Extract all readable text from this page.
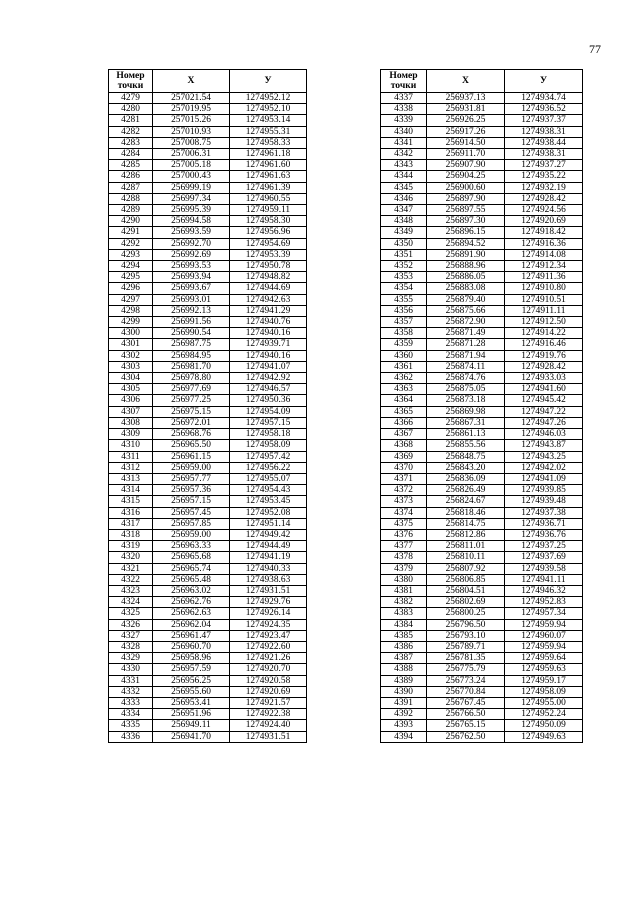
77
Номер точки	X	У
4279	257021.54	1274952.12
4280	257019.95	1274952.10
4281	257015.26	1274953.14
4282	257010.93	1274955.31
4283	257008.75	1274958.33
4284	257006.31	1274961.18
4285	257005.18	1274961.60
4286	257000.43	1274961.63
4287	256999.19	1274961.39
4288	256997.34	1274960.55
4289	256995.39	1274959.11
4290	256994.58	1274958.30
4291	256993.59	1274956.96
4292	256992.70	1274954.69
4293	256992.69	1274953.39
4294	256993.53	1274950.78
4295	256993.94	1274948.82
4296	256993.67	1274944.69
4297	256993.01	1274942.63
4298	256992.13	1274941.29
4299	256991.56	1274940.76
4300	256990.54	1274940.16
4301	256987.75	1274939.71
4302	256984.95	1274940.16
4303	256981.70	1274941.07
4304	256978.80	1274942.92
4305	256977.69	1274946.57
4306	256977.25	1274950.36
4307	256975.15	1274954.09
4308	256972.01	1274957.15
4309	256968.76	1274958.18
4310	256965.50	1274958.09
4311	256961.15	1274957.42
4312	256959.00	1274956.22
4313	256957.77	1274955.07
4314	256957.36	1274954.43
4315	256957.15	1274953.45
4316	256957.45	1274952.08
4317	256957.85	1274951.14
4318	256959.00	1274949.42
4319	256963.33	1274944.49
4320	256965.68	1274941.19
4321	256965.74	1274940.33
4322	256965.48	1274938.63
4323	256963.02	1274931.51
4324	256962.76	1274929.76
4325	256962.63	1274926.14
4326	256962.04	1274924.35
4327	256961.47	1274923.47
4328	256960.70	1274922.60
4329	256958.96	1274921.26
4330	256957.59	1274920.70
4331	256956.25	1274920.58
4332	256955.60	1274920.69
4333	256953.41	1274921.57
4334	256951.96	1274922.38
4335	256949.11	1274924.40
4336	256941.70	1274931.51
Номер точки	X	У
4337	256937.13	1274934.74
4338	256931.81	1274936.52
4339	256926.25	1274937.37
4340	256917.26	1274938.31
4341	256914.50	1274938.44
4342	256911.70	1274938.31
4343	256907.90	1274937.27
4344	256904.25	1274935.22
4345	256900.60	1274932.19
4346	256897.90	1274928.42
4347	256897.55	1274924.56
4348	256897.30	1274920.69
4349	256896.15	1274918.42
4350	256894.52	1274916.36
4351	256891.90	1274914.08
4352	256888.96	1274912.34
4353	256886.05	1274911.36
4354	256883.08	1274910.80
4355	256879.40	1274910.51
4356	256875.66	1274911.11
4357	256872.90	1274912.50
4358	256871.49	1274914.22
4359	256871.28	1274916.46
4360	256871.94	1274919.76
4361	256874.11	1274928.42
4362	256874.76	1274933.03
4363	256875.05	1274941.60
4364	256873.18	1274945.42
4365	256869.98	1274947.22
4366	256867.31	1274947.26
4367	256861.13	1274946.03
4368	256855.56	1274943.87
4369	256848.75	1274943.25
4370	256843.20	1274942.02
4371	256836.09	1274941.09
4372	256826.49	1274939.85
4373	256824.67	1274939.48
4374	256818.46	1274937.38
4375	256814.75	1274936.71
4376	256812.86	1274936.76
4377	256811.01	1274937.25
4378	256810.11	1274937.69
4379	256807.92	1274939.58
4380	256806.85	1274941.11
4381	256804.51	1274946.32
4382	256802.69	1274952.83
4383	256800.25	1274957.34
4384	256796.50	1274959.94
4385	256793.10	1274960.07
4386	256789.71	1274959.94
4387	256781.35	1274959.64
4388	256775.79	1274959.63
4389	256773.24	1274959.17
4390	256770.84	1274958.09
4391	256767.45	1274955.00
4392	256766.50	1274952.24
4393	256765.15	1274950.09
4394	256762.50	1274949.63
